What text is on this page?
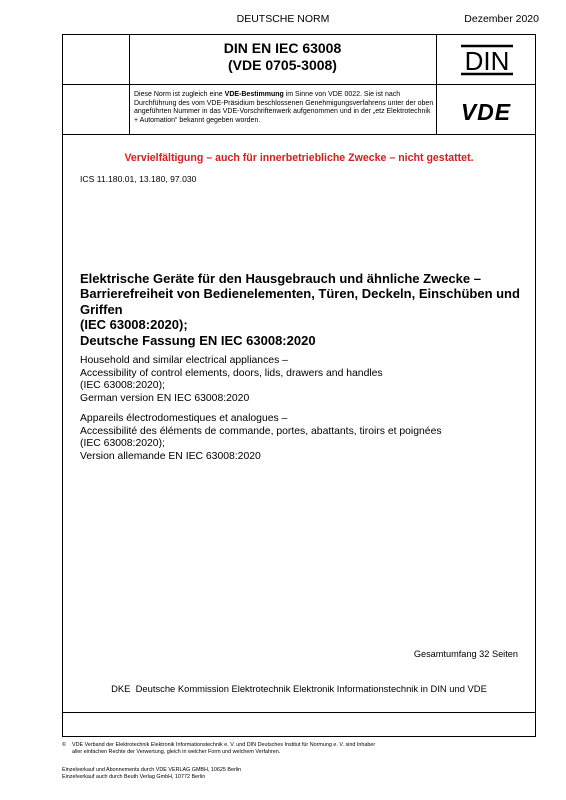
DEUTSCHE NORM	Dezember 2020
DIN EN IEC 63008
(VDE 0705-3008)	DIN
Diese Norm ist zugleich eine VDE-Bestimmung im Sinne von VDE 0022. Sie ist nach Durchführung des vom VDE-Präsidium beschlossenen Genehmigungsverfahrens unter der oben angeführten Nummer in das VDE-Vorschriftenwerk aufgenommen und in der „etz Elektrotechnik + Automation“ bekannt gegeben worden.	VDE
Vervielfältigung – auch für innerbetriebliche Zwecke – nicht gestattet.
ICS 11.180.01, 13.180, 97.030
Elektrische Geräte für den Hausgebrauch und ähnliche Zwecke –
Barrierefreiheit von Bedienelementen, Türen, Deckeln, Einschüben und
Griffen
(IEC 63008:2020);
Deutsche Fassung EN IEC 63008:2020
Household and similar electrical appliances –
Accessibility of control elements, doors, lids, drawers and handles
(IEC 63008:2020);
German version EN IEC 63008:2020
Appareils électrodomestiques et analogues –
Accessibilité des éléments de commande, portes, abattants, tiroirs et poignées
(IEC 63008:2020);
Version allemande EN IEC 63008:2020
Gesamtumfang 32 Seiten
DKE  Deutsche Kommission Elektrotechnik Elektronik Informationstechnik in DIN und VDE
©	VDE Verband der Elektrotechnik Elektronik Informationstechnik e. V. und DIN Deutsches Institut für Normung e. V. sind Inhaber
aller einfachen Rechte der Verwertung, gleich in welcher Form und welchem Verfahren.
Einzelverkauf und Abonnements durch VDE VERLAG GMBH, 10625 Berlin
Einzelverkauf auch durch Beuth Verlag GmbH, 10772 Berlin
